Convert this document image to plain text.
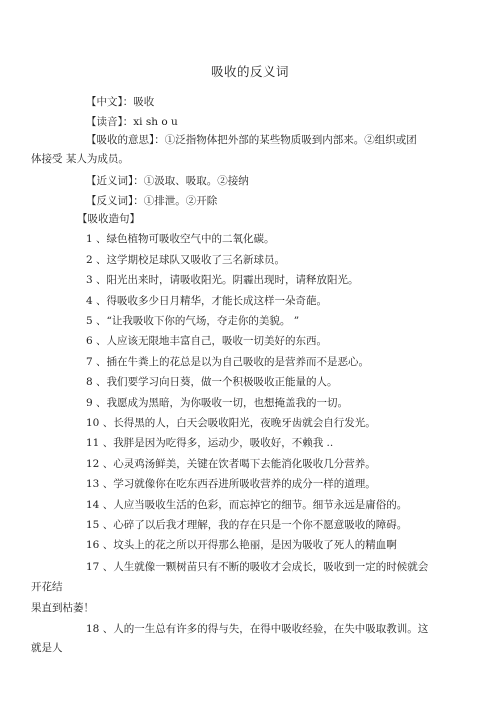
吸收的反义词
【中文】：吸收
【读音】：xi sh o u
【吸收的意思】：①泛指物体把外部的某些物质吸到内部来。②组织或团
体接受 某人为成员。
【近义词】：①汲取、吸取。②接纳
【反义词】：①排泄。②开除
【吸收造句】
1 、绿色植物可吸收空气中的二氧化碳。
2 、这学期校足球队又吸收了三名新球员。
3 、阳光出来时，请吸收阳光。阴霾出现时，请释放阳光。
4 、得吸收多少日月精华，才能长成这样一朵奇葩。
5 、“让我吸收下你的气场，夺走你的美貌。 ”
6 、人应该无限地丰富自己，吸收一切美好的东西。
7 、插在牛粪上的花总是以为自己吸收的是营养而不是恶心。
8 、我们要学习向日葵，做一个积极吸收正能量的人。
9 、我愿成为黑暗，为你吸收一切，也想掩盖我的一切。
10 、长得黑的人，白天会吸收阳光，夜晚牙齿就会自行发光。
11 、我胖是因为吃得多，运动少，吸收好，不赖我 ..
12 、心灵鸡汤鲜美，关键在饮者喝下去能消化吸收几分营养。
13 、学习就像你在吃东西吞进所吸收营养的成分一样的道理。
14 、人应当吸收生活的色彩，而忘掉它的细节。细节永远是庸俗的。
15 、心碎了以后我才理解，我的存在只是一个你不愿意吸收的障碍。
16 、坟头上的花之所以开得那么艳丽，是因为吸收了死人的精血啊
17 、人生就像一颗树苗只有不断的吸收才会成长，吸收到一定的时候就会
开花结
果直到枯萎！
18 、人的一生总有许多的得与失，在得中吸收经验，在失中吸取教训。这
就是人
